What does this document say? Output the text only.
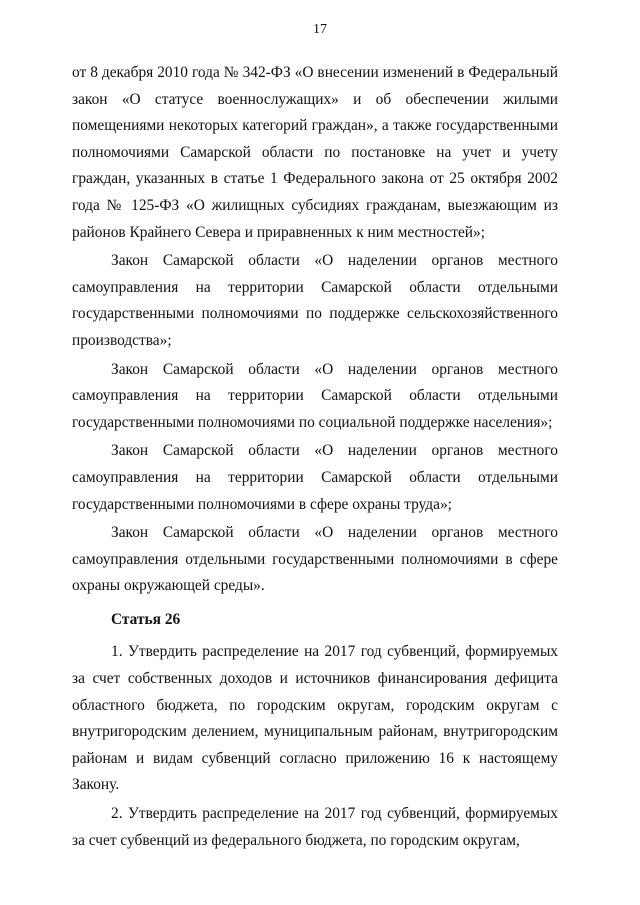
17

от 8 декабря 2010 года № 342-ФЗ «О внесении изменений в Федеральный закон «О статусе военнослужащих» и об обеспечении жилыми помещениями некоторых категорий граждан», а также государственными полномочиями Самарской области по постановке на учет и учету граждан, указанных в статье 1 Федерального закона от 25 октября 2002 года № 125-ФЗ «О жилищных субсидиях гражданам, выезжающим из районов Крайнего Севера и приравненных к ним местностей»;

Закон Самарской области «О наделении органов местного самоуправления на территории Самарской области отдельными государственными полномочиями по поддержке сельскохозяйственного производства»;

Закон Самарской области «О наделении органов местного самоуправления на территории Самарской области отдельными государственными полномочиями по социальной поддержке населения»;

Закон Самарской области «О наделении органов местного самоуправления на территории Самарской области отдельными государственными полномочиями в сфере охраны труда»;

Закон Самарской области «О наделении органов местного самоуправления отдельными государственными полномочиями в сфере охраны окружающей среды».

Статья 26

1. Утвердить распределение на 2017 год субвенций, формируемых за счет собственных доходов и источников финансирования дефицита областного бюджета, по городским округам, городским округам с внутригородским делением, муниципальным районам, внутригородским районам и видам субвенций согласно приложению 16 к настоящему Закону.

2. Утвердить распределение на 2017 год субвенций, формируемых за счет субвенций из федерального бюджета, по городским округам,
